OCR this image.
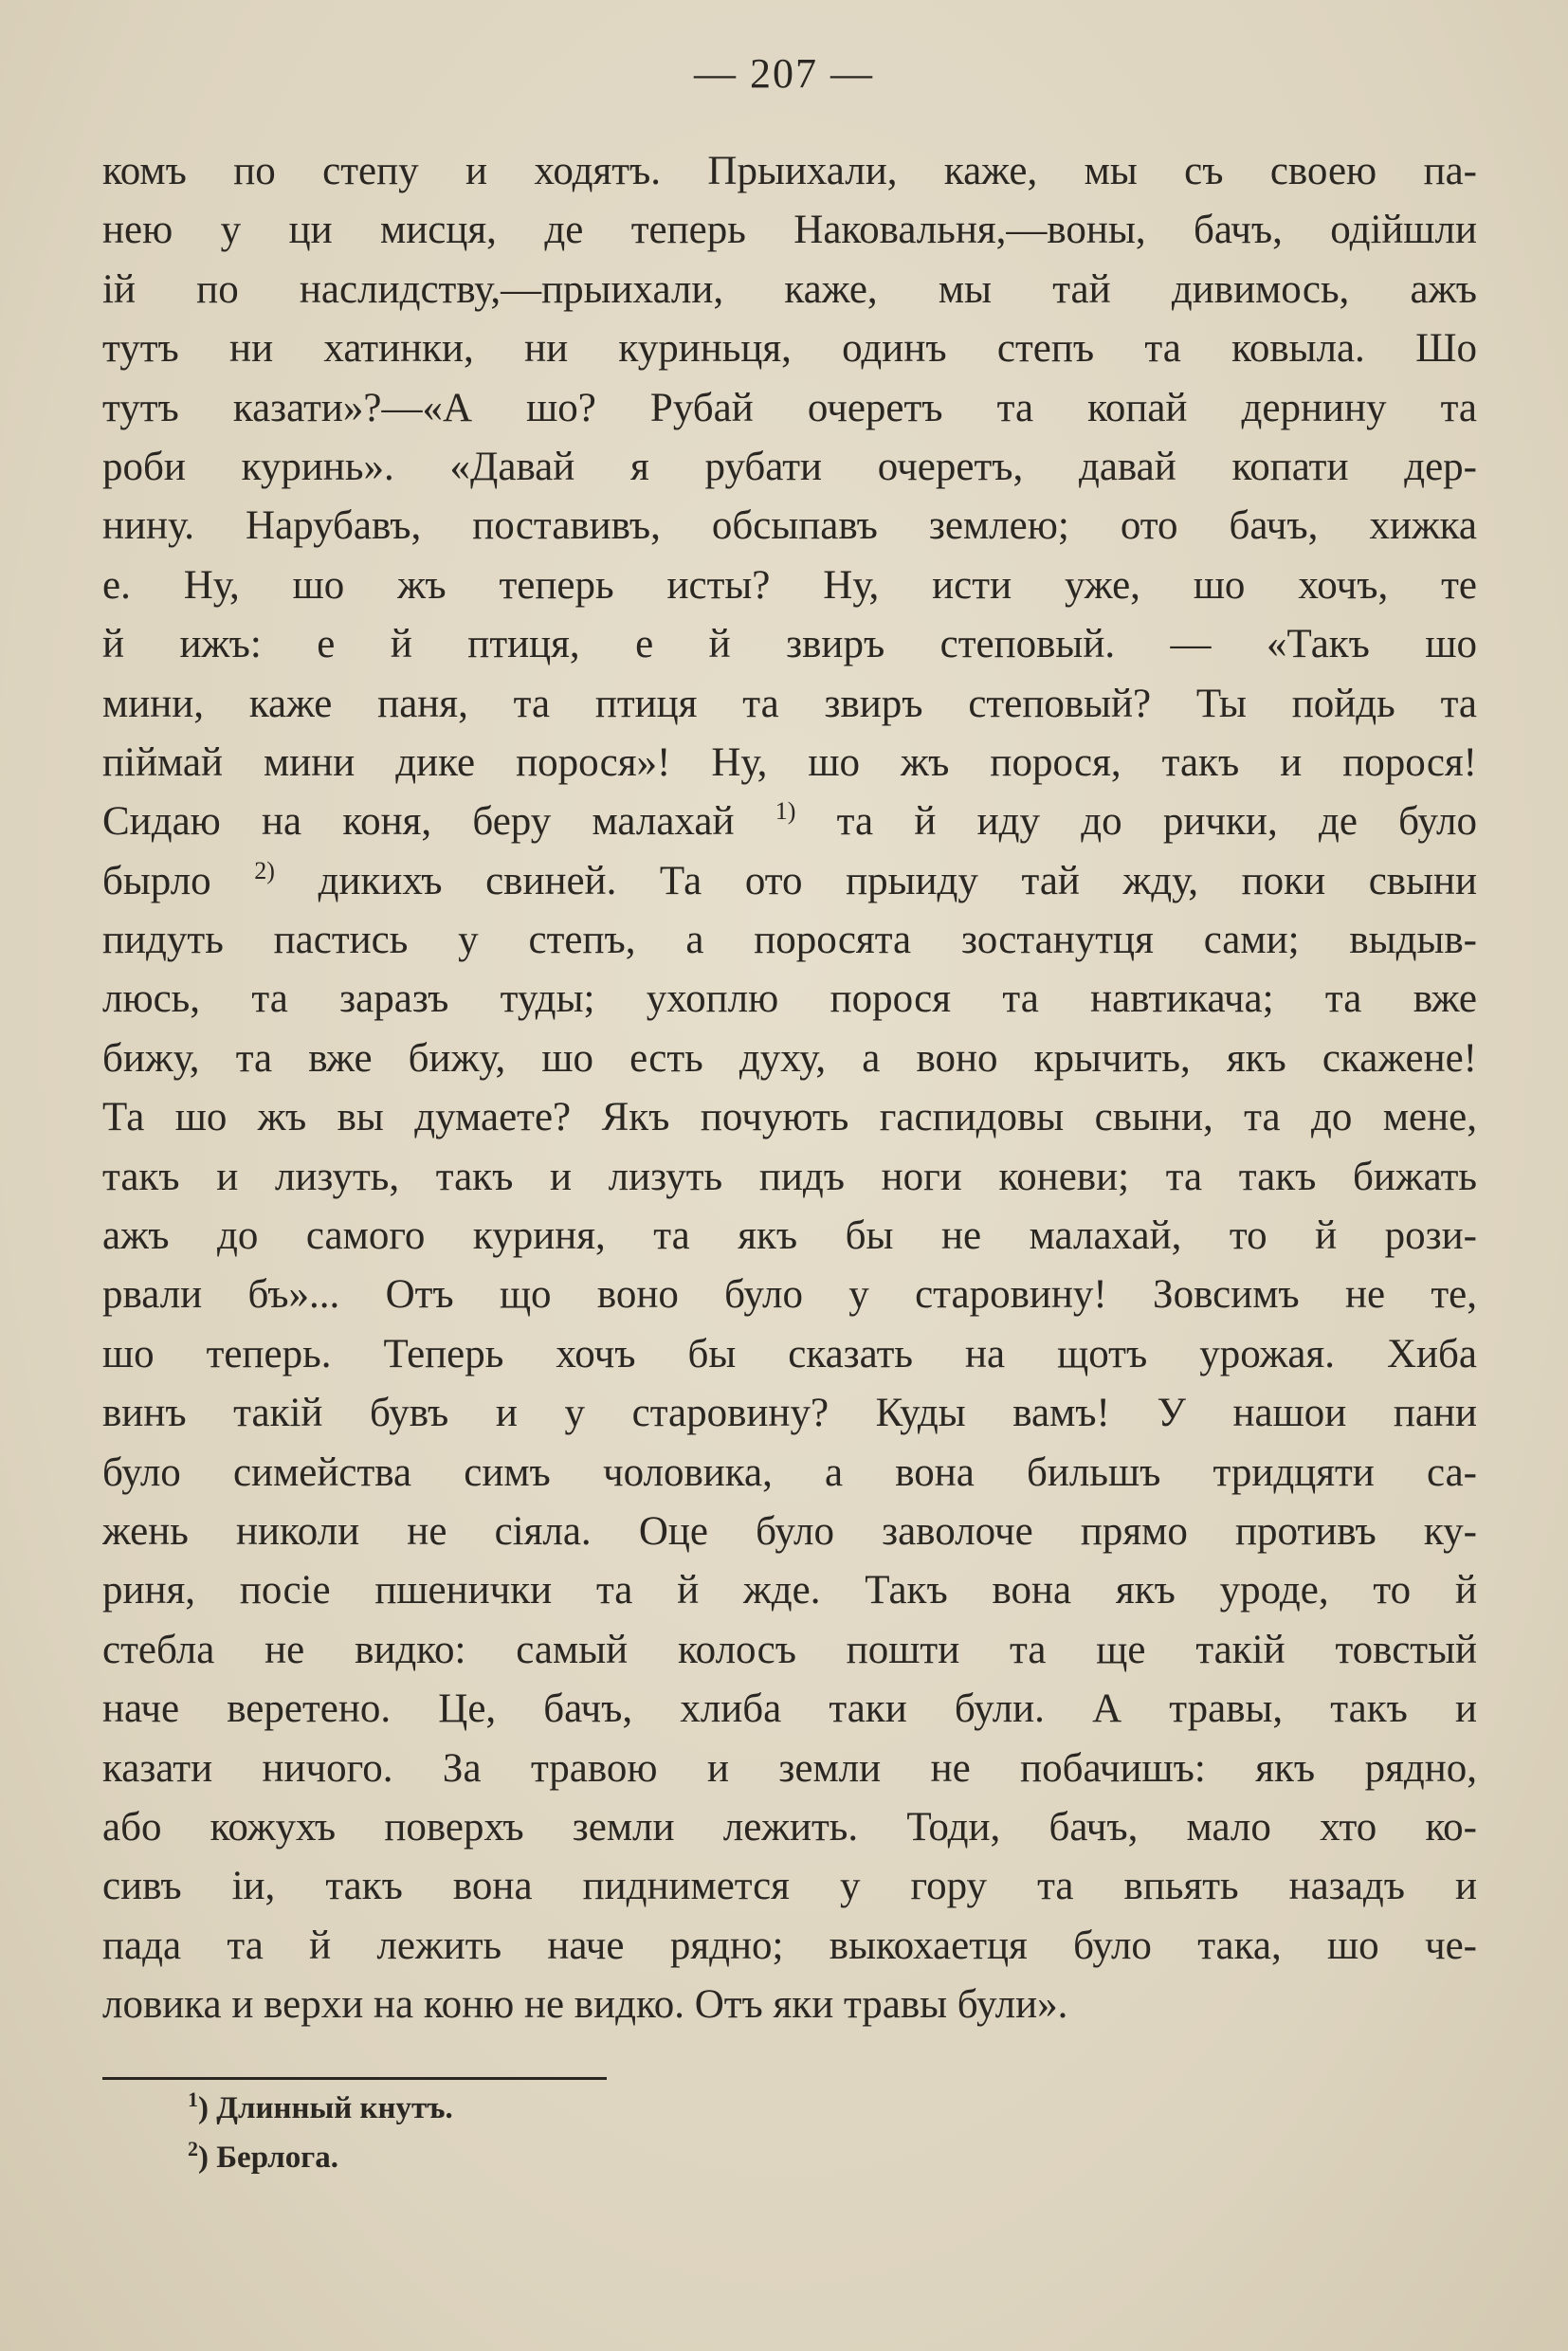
— 207 —
комъ по степу и ходятъ. Прыихали, каже, мы съ своею па-
нею у ци мисця, де теперь Наковальня,—воны, бачъ, одійшли
ій по наслидству,—прыихали, каже, мы тай дивимось, ажъ
тутъ ни хатинки, ни куриньця, одинъ степъ та ковыла. Шо
тутъ казати»?—«А шо? Рубай очеретъ та копай дернину та
роби куринь». «Давай я рубати очеретъ, давай копати дер-
нину. Нарубавъ, поставивъ, обсыпавъ землею; ото бачъ, хижка
е. Ну, шо жъ теперь исты? Ну, исти уже, шо хочъ, те
й ижъ: е й птиця, е й звиръ степовый. — «Такъ шо
мини, каже паня, та птиця та звиръ степовый? Ты пойдь та
піймай мини дике порося»! Ну, шо жъ порося, такъ и порося!
Сидаю на коня, беру малахай $^{1)}$ та й иду до рички, де було
бырло $^{2)}$ дикихъ свиней. Та ото прыиду тай жду, поки свыни
пидуть пастись у степъ, а поросята зостанутця сами; выдыв-
люсь, та заразъ туды; ухоплю порося та навтикача; та вже
бижу, та вже бижу, шо есть духу, а воно крычить, якъ скажене!
Та шо жъ вы думаете? Якъ почують гаспидовы свыни, та до мене,
такъ и лизуть, такъ и лизуть пидъ ноги коневи; та такъ бижать
ажъ до самого куриня, та якъ бы не малахай, то й рози-
рвали бъ»... Отъ що воно було у старовину! Зовсимъ не те,
шо теперь. Теперь хочъ бы сказать на щотъ урожая. Хиба
винъ такій бувъ и у старовину? Куды вамъ! У нашои пани
було симейства симъ чоловика, а вона бильшъ тридцяти са-
жень николи не сіяла. Оце було заволоче прямо противъ ку-
риня, посіе пшенички та й жде. Такъ вона якъ уроде, то й
стебла не видко: самый колосъ пошти та ще такій товстый
наче веретено. Це, бачъ, хлиба таки були. А травы, такъ и
казати ничого. За травою и земли не побачишъ: якъ рядно,
або кожухъ поверхъ земли лежить. Тоди, бачъ, мало хто ко-
сивъ іи, такъ вона пиднимется у гору та впьять назадъ и
пада та й лежить наче рядно; выкохаетця було така, шо че-
ловика и верхи на коню не видко. Отъ яки травы були».
$^1$) Длинный кнутъ.
$^2$) Берлога.
